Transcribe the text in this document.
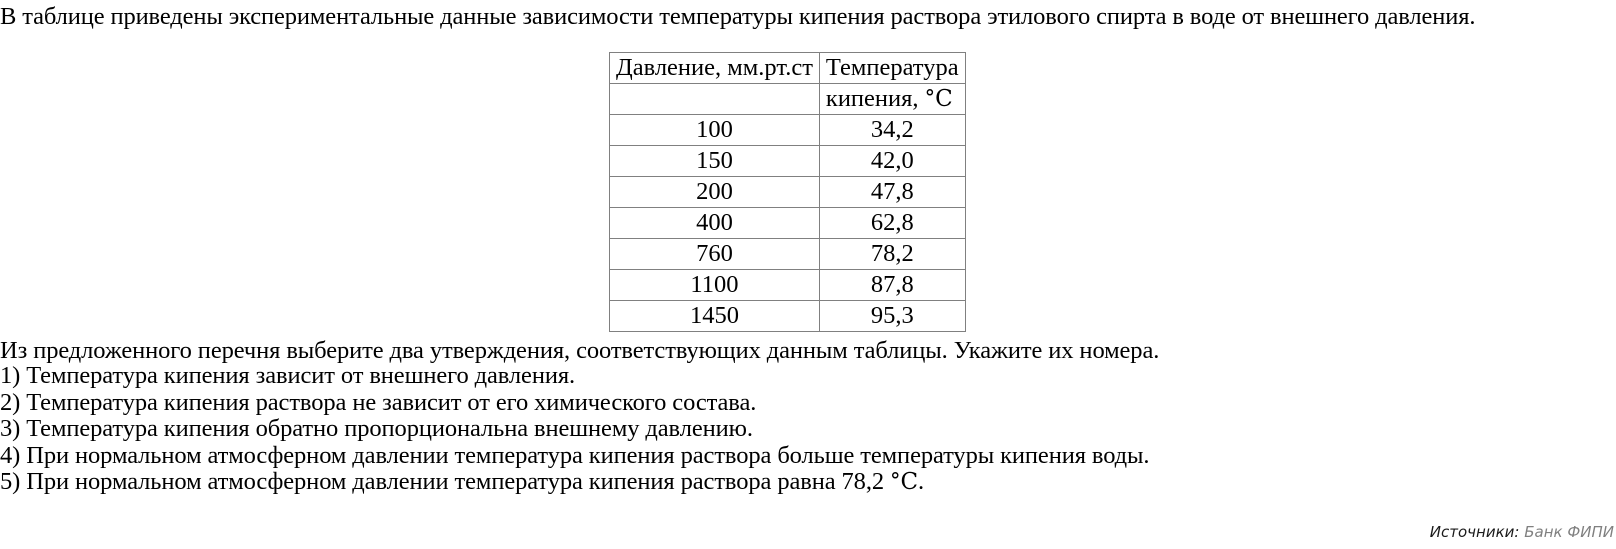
В таблице приведены экспериментальные данные зависимости температуры кипения раствора этилового спирта в воде от внешнего давления.
Давление, мм.рт.ст	Температура
	кипения, °C
100	34,2
150	42,0
200	47,8
400	62,8
760	78,2
1100	87,8
1450	95,3
Из предложенного перечня выберите два утверждения, соответствующих данным таблицы. Укажите их номера.
1) Температура кипения зависит от внешнего давления.
2) Температура кипения раствора не зависит от его химического состава.
3) Температура кипения обратно пропорциональна внешнему давлению.
4) При нормальном атмосферном давлении температура кипения раствора больше температуры кипения воды.
5) При нормальном атмосферном давлении температура кипения раствора равна 78,2 °C.
Источники: Банк ФИПИ
